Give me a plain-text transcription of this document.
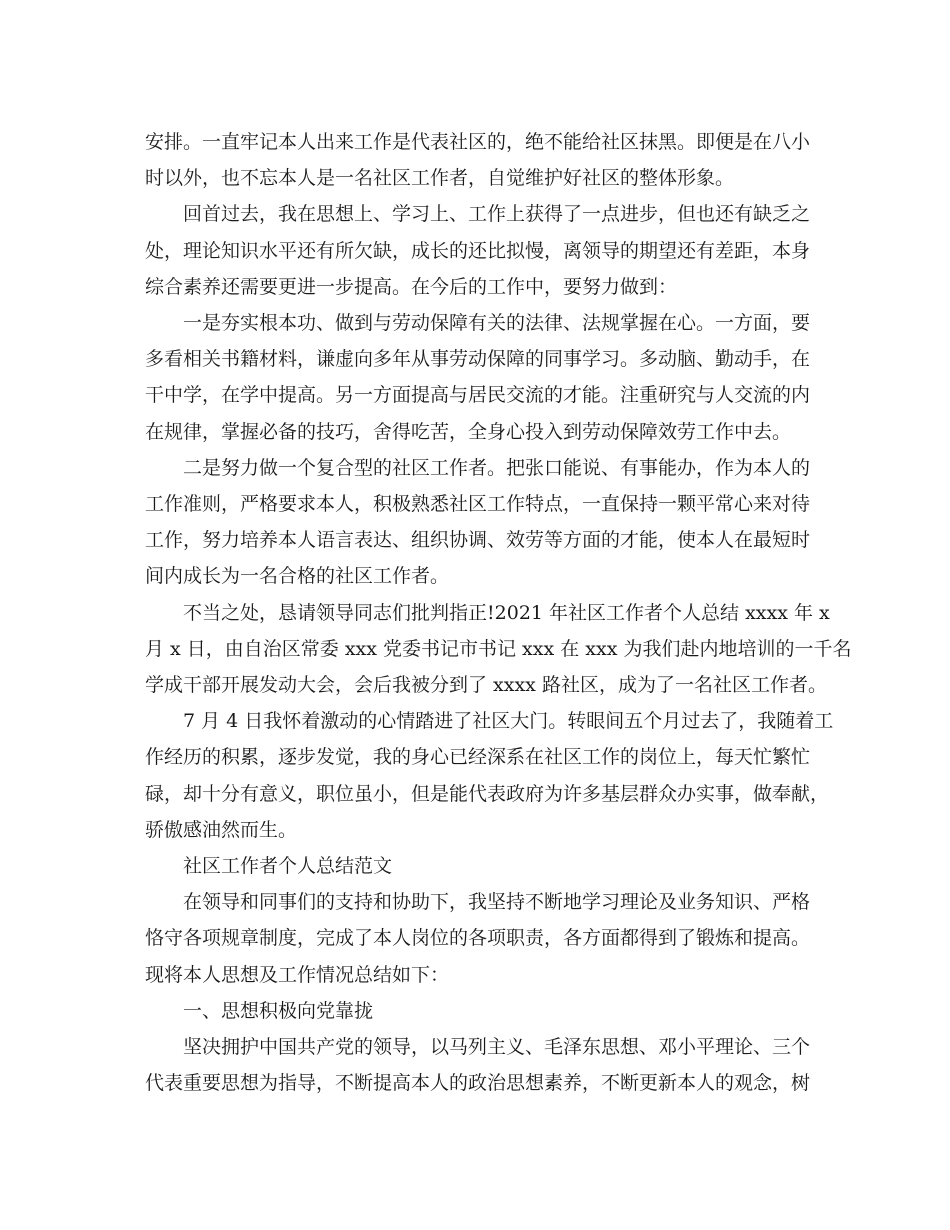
安排。一直牢记本人出来工作是代表社区的，绝不能给社区抹黑。即便是在八小
时以外，也不忘本人是一名社区工作者，自觉维护好社区的整体形象。

回首过去，我在思想上、学习上、工作上获得了一点进步，但也还有缺乏之
处，理论知识水平还有所欠缺，成长的还比拟慢，离领导的期望还有差距，本身
综合素养还需要更进一步提高。在今后的工作中，要努力做到：

一是夯实根本功、做到与劳动保障有关的法律、法规掌握在心。一方面，要
多看相关书籍材料，谦虚向多年从事劳动保障的同事学习。多动脑、勤动手，在
干中学，在学中提高。另一方面提高与居民交流的才能。注重研究与人交流的内
在规律，掌握必备的技巧，舍得吃苦，全身心投入到劳动保障效劳工作中去。

二是努力做一个复合型的社区工作者。把张口能说、有事能办，作为本人的
工作准则，严格要求本人，积极熟悉社区工作特点，一直保持一颗平常心来对待
工作，努力培养本人语言表达、组织协调、效劳等方面的才能，使本人在最短时
间内成长为一名合格的社区工作者。

不当之处，恳请领导同志们批判指正!2021 年社区工作者个人总结 xxxx 年 x
月 x 日，由自治区常委 xxx 党委书记市书记 xxx 在 xxx 为我们赴内地培训的一千名
学成干部开展发动大会，会后我被分到了 xxxx 路社区，成为了一名社区工作者。

7 月 4 日我怀着激动的心情踏进了社区大门。转眼间五个月过去了，我随着工
作经历的积累，逐步发觉，我的身心已经深系在社区工作的岗位上，每天忙繁忙
碌，却十分有意义，职位虽小，但是能代表政府为许多基层群众办实事，做奉献，
骄傲感油然而生。

社区工作者个人总结范文

在领导和同事们的支持和协助下，我坚持不断地学习理论及业务知识、严格
恪守各项规章制度，完成了本人岗位的各项职责，各方面都得到了锻炼和提高。
现将本人思想及工作情况总结如下：

一、思想积极向党靠拢

坚决拥护中国共产党的领导，以马列主义、毛泽东思想、邓小平理论、三个
代表重要思想为指导，不断提高本人的政治思想素养，不断更新本人的观念，树
